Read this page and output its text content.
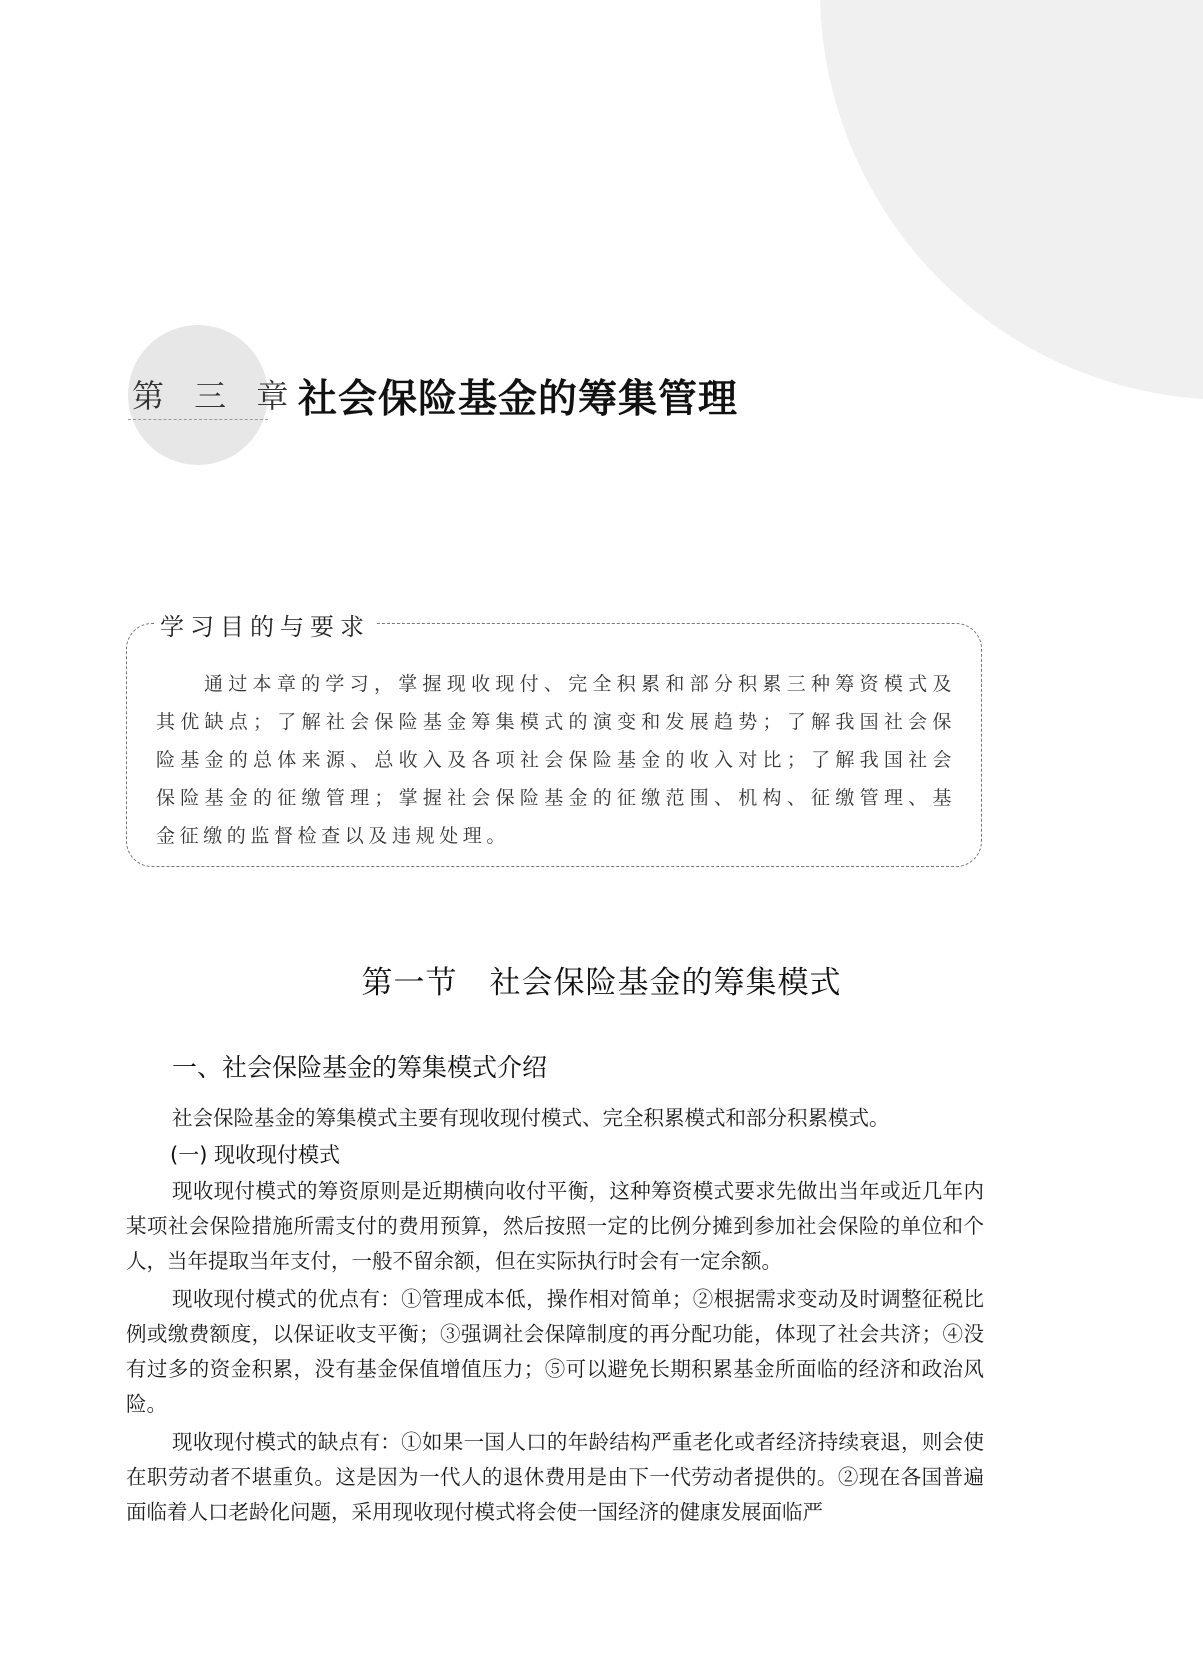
第 三 章 社会保险基金的筹集管理
学习目的与要求

通过本章的学习，掌握现收现付、完全积累和部分积累三种筹资模式及其优缺点；了解社会保险基金筹集模式的演变和发展趋势；了解我国社会保险基金的总体来源、总收入及各项社会保险基金的收入对比；了解我国社会保险基金的征缴管理；掌握社会保险基金的征缴范围、机构、征缴管理、基金征缴的监督检查以及违规处理。

第一节　社会保险基金的筹集模式
一、社会保险基金的筹集模式介绍

社会保险基金的筹集模式主要有现收现付模式、完全积累模式和部分积累模式。

(一) 现收现付模式

现收现付模式的筹资原则是近期横向收付平衡，这种筹资模式要求先做出当年或近几年内某项社会保险措施所需支付的费用预算，然后按照一定的比例分摊到参加社会保险的单位和个人，当年提取当年支付，一般不留余额，但在实际执行时会有一定余额。

现收现付模式的优点有：①管理成本低，操作相对简单；②根据需求变动及时调整征税比例或缴费额度，以保证收支平衡；③强调社会保障制度的再分配功能，体现了社会共济；④没有过多的资金积累，没有基金保值增值压力；⑤可以避免长期积累基金所面临的经济和政治风险。

现收现付模式的缺点有：①如果一国人口的年龄结构严重老化或者经济持续衰退，则会使在职劳动者不堪重负。这是因为一代人的退休费用是由下一代劳动者提供的。②现在各国普遍面临着人口老龄化问题，采用现收现付模式将会使一国经济的健康发展面临严
